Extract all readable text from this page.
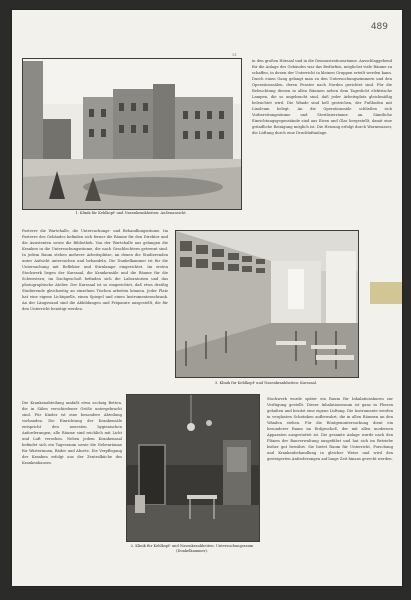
489
31
1. Klinik für Kehlkopf- und Nasenkrankheiten: Außenansicht.

in den großen Hörsaal und in die Demonstrationsräume. Ausschlaggebend für die Anlage des Gebäudes war das Bedürfnis, möglichst viele Räume zu schaffen, in denen der Unterricht in kleinen Gruppen erteilt werden kann. Durch einen Gang gelangt man zu den Untersuchungszimmern und den Operationssälen, deren Fenster nach Norden gerichtet sind. Für die Beleuchtung dienen in allen Räumen neben dem Tageslicht elektrische Lampen, die so angebracht sind, daß jeder Arbeitsplatz gleichmäßig beleuchtet wird. Die Wände sind hell gestrichen, der Fußboden mit Linoleum belegt. An die Operationssäle schließen sich Vorbereitungsräume und Sterilisierräume an. Sämtliche Einrichtungsgegenstände sind aus Eisen und Glas hergestellt, damit eine gründliche Reinigung möglich ist. Die Heizung erfolgt durch Warmwasser, die Lüftung durch eine Druckluftanlage.

Parterre die Wartehalle, die Untersuchungs- und Behandlungsräume. Im Parterre des Gebäudes befinden sich ferner die Räume für den Direktor und die Assistenten sowie die Bibliothek. Von der Wartehalle aus gelangen die Kranken in die Untersuchungsräume, die nach Geschlechtern getrennt sind. In jedem Raum stehen mehrere Arbeitsplätze, an denen die Studierenden unter Aufsicht untersuchen und behandeln. Die Dunkelkammer ist für die Untersuchung mit Reflektor und Stirnlampe eingerichtet. Im ersten Stockwerk liegen der Kurssaal, die Krankensäle und die Räume für die Schwestern; im Dachgeschoß befinden sich die Laboratorien und das photographische Atelier. Der Kurssaal ist so eingerichtet, daß etwa dreißig Studierende gleichzeitig an einzelnen Tischen arbeiten können. Jeder Platz hat eine eigene Lichtquelle, einen Spiegel und einen Instrumentenschrank. An der Längswand sind die Abbildungen und Präparate ausgestellt, die für den Unterricht benötigt werden.

3. Klinik für Kehlkopf- und Nasenkrankheiten: Kurssaal.

Die Krankenabteilung umfaßt etwa sechzig Betten, die in Sälen verschiedener Größe untergebracht sind. Für Kinder ist eine besondere Abteilung vorhanden. Die Einrichtung der Krankensäle entspricht den neuesten hygienischen Anforderungen; alle Räume sind reichlich mit Licht und Luft versehen. Neben jedem Krankensaal befindet sich ein Tagesraum sowie die Nebenräume für Wärterinnen, Bäder und Aborte. Die Verpflegung der Kranken erfolgt aus der Zentralküche des Krankenhauses.

2. Klinik für Kehlkopf- und Nasenkrankheiten: Untersuchungsraum (Dunkelkammer).

Stockwerk wurde später ein Raum für Inhalationskuren zur Verfügung gestellt. Dieser Inhalationsraum ist ganz in Fliesen gehalten und besitzt eine eigene Lüftung. Die Instrumente werden in verglasten Schränken aufbewahrt, die in allen Räumen an den Wänden stehen. Für die Röntgenuntersuchung dient ein besonderer Raum im Erdgeschoß, der mit allen modernen Apparaten ausgestattet ist. Die gesamte Anlage wurde nach den Plänen der Bauverwaltung ausgeführt und hat sich im Betriebe bisher gut bewährt. Sie bietet Raum für Unterricht, Forschung und Krankenbehandlung in gleicher Weise und wird den gesteigerten Anforderungen auf lange Zeit hinaus gerecht werden.
